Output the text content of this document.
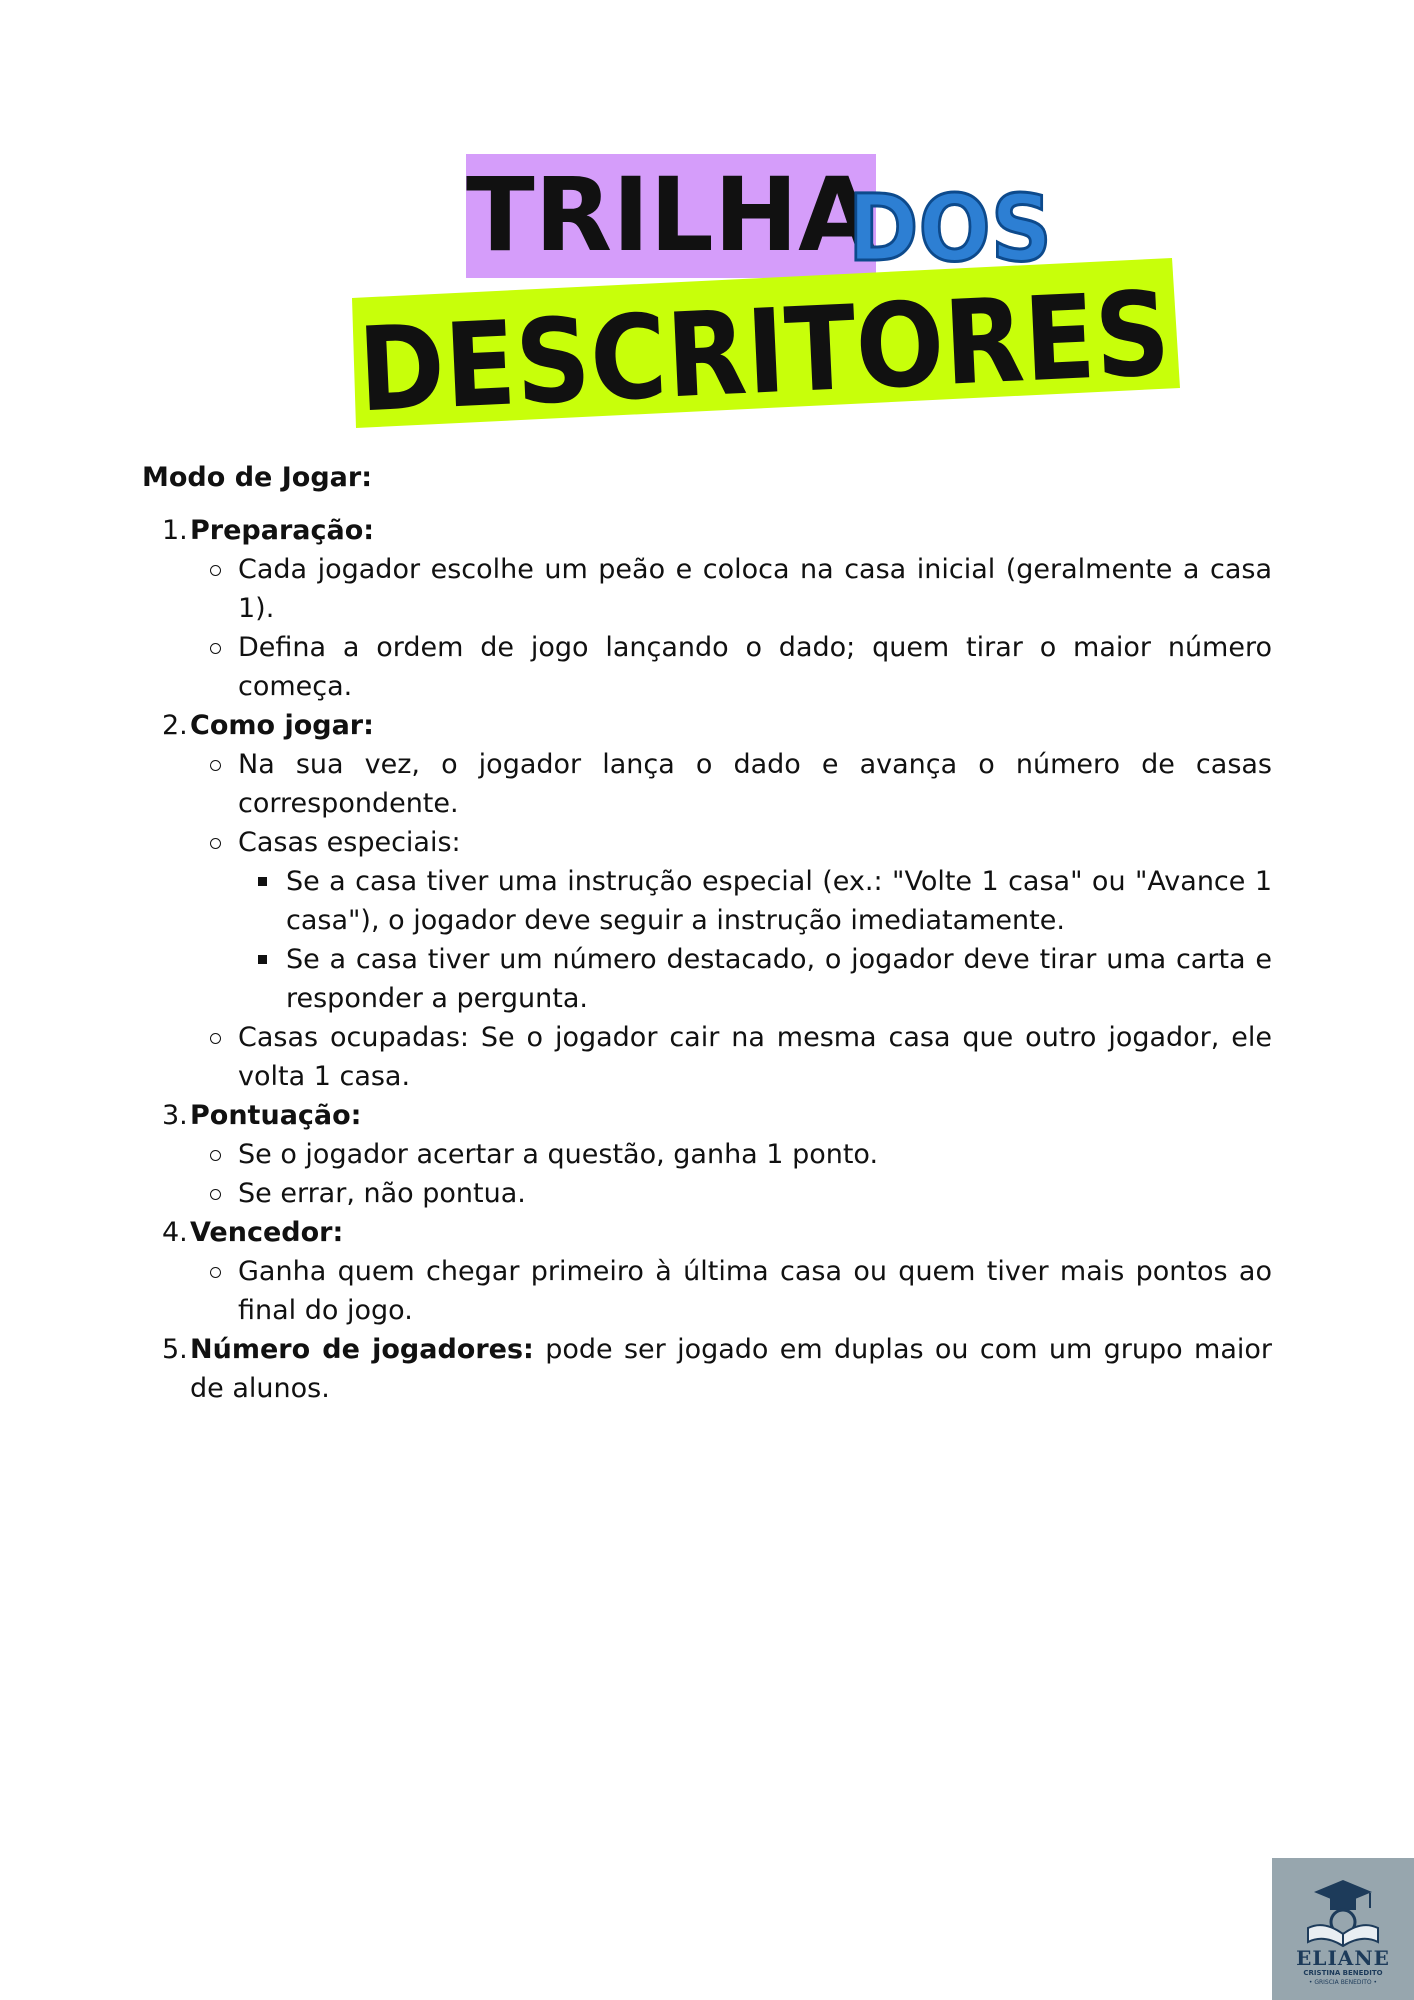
TRILHA
DOS
DESCRITORES
Modo de Jogar:
1. Preparação:
Cada jogador escolhe um peão e coloca na casa inicial (geralmente a casa 1).
Defina a ordem de jogo lançando o dado; quem tirar o maior número começa.
2. Como jogar:
Na sua vez, o jogador lança o dado e avança o número de casas correspondente.
Casas especiais:
Se a casa tiver uma instrução especial (ex.: "Volte 1 casa" ou "Avance 1 casa"), o jogador deve seguir a instrução imediatamente.
Se a casa tiver um número destacado, o jogador deve tirar uma carta e responder a pergunta.
Casas ocupadas: Se o jogador cair na mesma casa que outro jogador, ele volta 1 casa.
3. Pontuação:
Se o jogador acertar a questão, ganha 1 ponto.
Se errar, não pontua.
4. Vencedor:
Ganha quem chegar primeiro à última casa ou quem tiver mais pontos ao final do jogo.
5. Número de jogadores: pode ser jogado em duplas ou com um grupo maior de alunos.
ELIANE
CRISTINA BENEDITO
• GRISCIA BENEDITO •
